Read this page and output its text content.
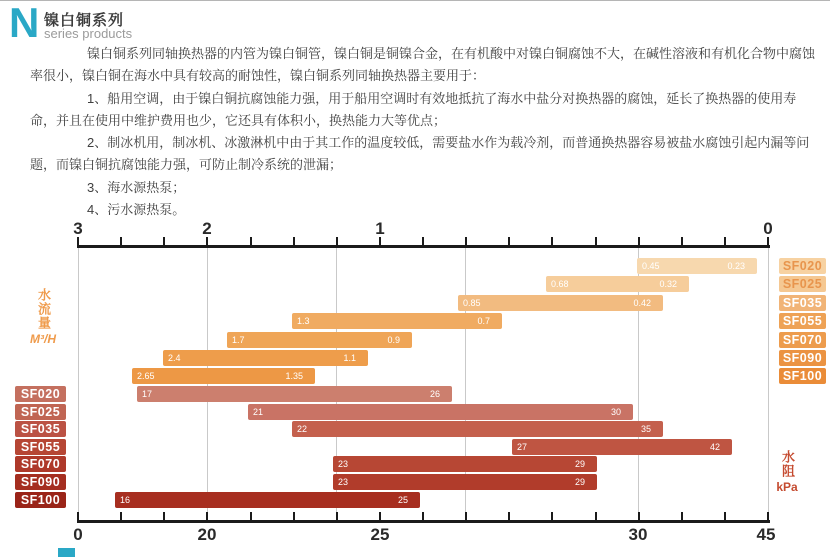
N 镍白铜系列
series products

镍白铜系列同轴换热器的内管为镍白铜管，镍白铜是铜镍合金，在有机酸中对镍白铜腐蚀不大，在碱性溶液和有机化合物中腐蚀率很小，镍白铜在海水中具有较高的耐蚀性，镍白铜系列同轴换热器主要用于：

1、船用空调，由于镍白铜抗腐蚀能力强，用于船用空调时有效地抵抗了海水中盐分对换热器的腐蚀，延长了换热器的使用寿命，并且在使用中维护费用也少，它还具有体积小，换热能力大等优点；

2、制冰机用，制冰机、冰激淋机中由于其工作的温度较低，需要盐水作为载冷剂，而普通换热器容易被盐水腐蚀引起内漏等问题，而镍白铜抗腐蚀能力强，可防止制冷系统的泄漏；

3、海水源热泵；

4、污水源热泵。

3	2	1	0
0	20	25	30	45
0.45	0.23	SF020
0.68	0.32	SF025
0.85	0.42	SF035
1.3	0.7	SF055
1.7	0.9	SF070
2.4	1.1	SF090
2.65	1.35	SF100
17	26
SF020
21	30
SF025
22	35
SF035
27	42
SF055
23	29
SF070
23	29
SF090
16	25
SF100
水流量
M³/H
水阻
kPa
